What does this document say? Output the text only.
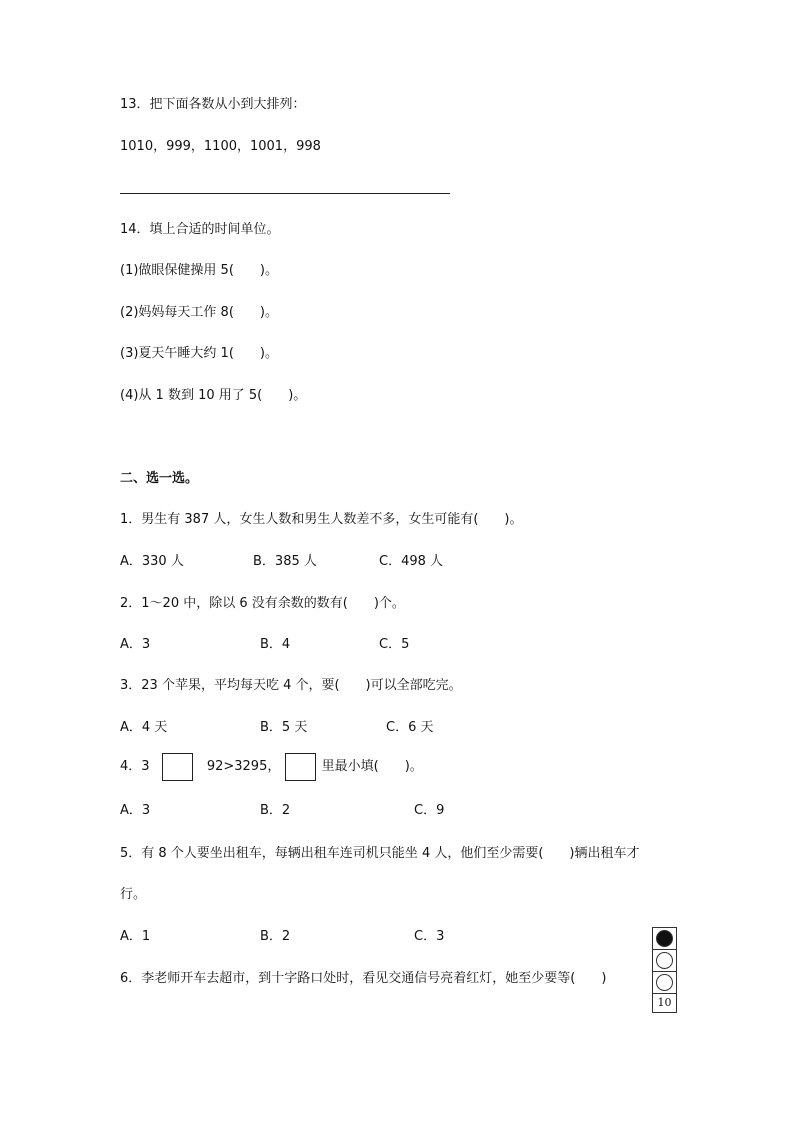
13．把下面各数从小到大排列：
1010，999，1100，1001，998
14．填上合适的时间单位。
(1)做眼保健操用 5(　　)。
(2)妈妈每天工作 8(　　)。
(3)夏天午睡大约 1(　　)。
(4)从 1 数到 10 用了 5(　　)。
二、选一选。
1．男生有 387 人，女生人数和男生人数差不多，女生可能有(　　)。
A．330 人	B．385 人	C．498 人
2．1～20 中，除以 6 没有余数的数有(　　)个。
A．3	B．4	C．5
3．23 个苹果，平均每天吃 4 个，要(　　)可以全部吃完。
A．4 天	B．5 天	C．6 天
4．3	92>3295，	里最小填(　　)。
A．3	B．2	C．9
5．有 8 个人要坐出租车，每辆出租车连司机只能坐 4 人，他们至少需要(　　)辆出租车才
行。
A．1	B．2	C．3
6．李老师开车去超市，到十字路口处时，看见交通信号亮着红灯，她至少要等(　　)
10
